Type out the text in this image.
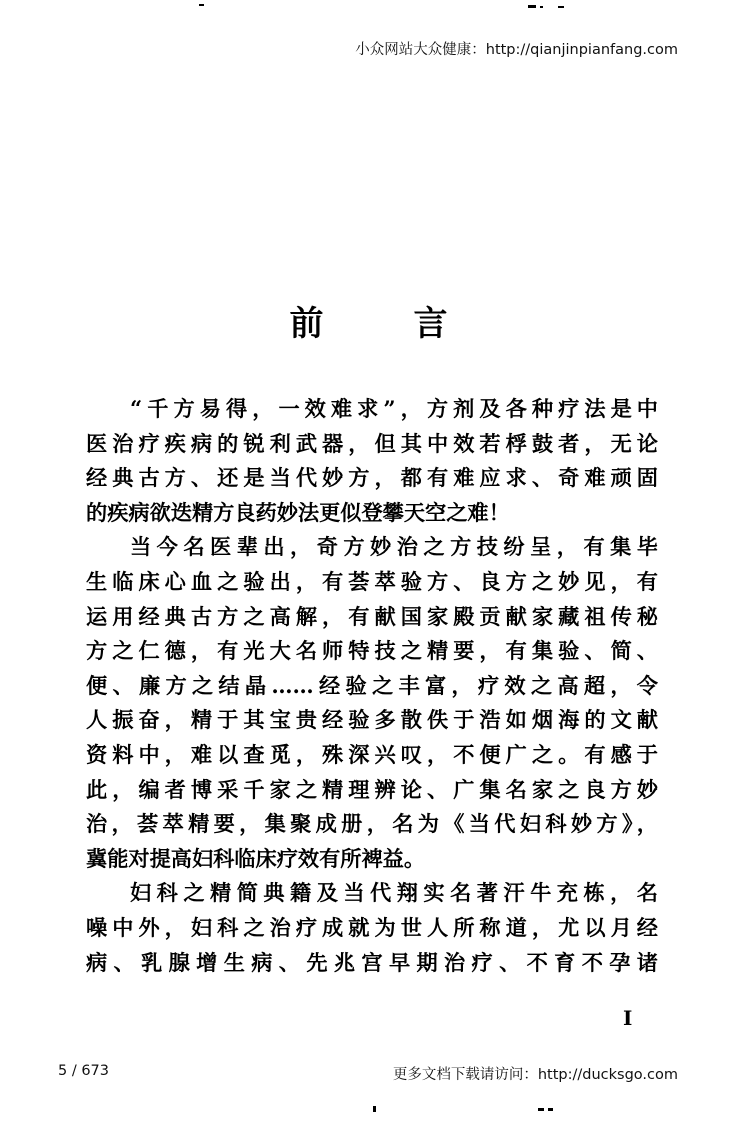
小众网站大众健康：http://qianjinpianfang.com
前言
“千方易得，一效难求”，方剂及各种疗法是中
医治疗疾病的锐利武器，但其中效若桴鼓者，无论
经典古方、还是当代妙方，都有难应求、奇难顽固
的疾病欲迭精方良药妙法更似登攀天空之难！
当今名医辈出，奇方妙治之方技纷呈，有集毕
生临床心血之验出，有荟萃验方、良方之妙见，有
运用经典古方之高解，有献国家殿贡献家藏祖传秘
方之仁德，有光大名师特技之精要，有集验、简、
便、廉方之结晶……经验之丰富，疗效之高超，令
人振奋，精于其宝贵经验多散佚于浩如烟海的文献
资料中，难以查觅，殊深兴叹，不便广之。有感于
此，编者博采千家之精理辨论、广集名家之良方妙
治，荟萃精要，集聚成册，名为《当代妇科妙方》，
冀能对提高妇科临床疗效有所裨益。
妇科之精简典籍及当代翔实名著汗牛充栋，名
噪中外，妇科之治疗成就为世人所称道，尤以月经
病、乳腺增生病、先兆宫早期治疗、不育不孕诸
I
5 / 673	更多文档下载请访问：http://ducksgo.com
